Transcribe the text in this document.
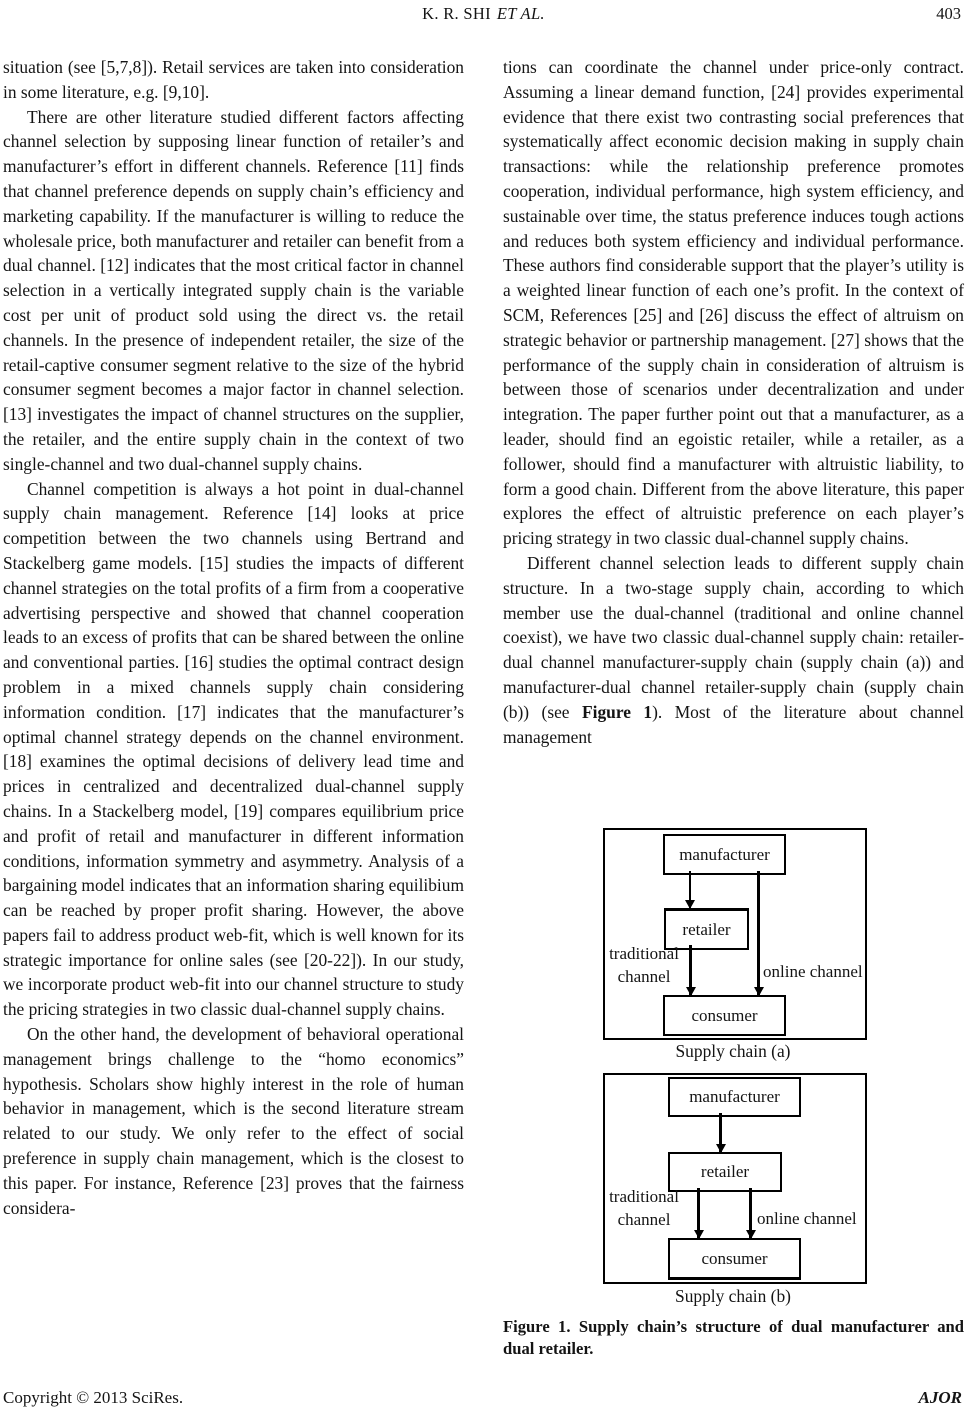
K. R. SHI ET AL.	403

situation (see [5,7,8]). Retail services are taken into consideration in some literature, e.g. [9,10].

There are other literature studied different factors affecting channel selection by supposing linear function of retailer’s and manufacturer’s effort in different channels. Reference [11] finds that channel preference depends on supply chain’s efficiency and marketing capability. If the manufacturer is willing to reduce the wholesale price, both manufacturer and retailer can benefit from a dual channel. [12] indicates that the most critical factor in channel selection in a vertically integrated supply chain is the variable cost per unit of product sold using the direct vs. the retail channels. In the presence of independent retailer, the size of the retail-captive consumer segment relative to the size of the hybrid consumer segment becomes a major factor in channel selection. [13] investigates the impact of channel structures on the supplier, the retailer, and the entire supply chain in the context of two single-channel and two dual-channel supply chains.

Channel competition is always a hot point in dual-channel supply chain management. Reference [14] looks at price competition between the two channels using Bertrand and Stackelberg game models. [15] studies the impacts of different channel strategies on the total profits of a firm from a cooperative advertising perspective and showed that channel cooperation leads to an excess of profits that can be shared between the online and conventional parties. [16] studies the optimal contract design problem in a mixed channels supply chain considering information condition. [17] indicates that the manufacturer’s optimal channel strategy depends on the channel environment. [18] examines the optimal decisions of delivery lead time and prices in centralized and decentralized dual-channel supply chains. In a Stackelberg model, [19] compares equilibrium price and profit of retail and manufacturer in different information conditions, information symmetry and asymmetry. Analysis of a bargaining model indicates that an information sharing equilibium can be reached by proper profit sharing. However, the above papers fail to address product web-fit, which is well known for its strategic importance for online sales (see [20-22]). In our study, we incorporate product web-fit into our channel structure to study the pricing strategies in two classic dual-channel supply chains.

On the other hand, the development of behavioral operational management brings challenge to the “homo economics” hypothesis. Scholars show highly interest in the role of human behavior in management, which is the second literature stream related to our study. We only refer to the effect of social preference in supply chain management, which is the closest to this paper. For instance, Reference [23] proves that the fairness considera-

tions can coordinate the channel under price-only contract. Assuming a linear demand function, [24] provides experimental evidence that there exist two contrasting social preferences that systematically affect economic decision making in supply chain transactions: while the relationship preference promotes cooperation, individual performance, high system efficiency, and sustainable over time, the status preference induces tough actions and reduces both system efficiency and individual performance. These authors find considerable support that the player’s utility is a weighted linear function of each one’s profit. In the context of SCM, References [25] and [26] discuss the effect of altruism on strategic behavior or partnership management. [27] shows that the performance of the supply chain in consideration of altruism is between those of scenarios under decentralization and under integration. The paper further point out that a manufacturer, as a leader, should find an egoistic retailer, while a retailer, as a follower, should find a manufacturer with altruistic liability, to form a good chain. Different from the above literature, this paper explores the effect of altruistic preference on each player’s pricing strategy in two classic dual-channel supply chains.

Different channel selection leads to different supply chain structure. In a two-stage supply chain, according to which member use the dual-channel (traditional and online channel coexist), we have two classic dual-channel supply chain: retailer-dual channel manufacturer-supply chain (supply chain (a)) and manufacturer-dual channel retailer-supply chain (supply chain (b)) (see Figure 1). Most of the literature about channel management

manufacturer
retailer
consumer
traditional channel	online channel
Supply chain (a)
manufacturer
retailer
consumer
traditional channel	online channel
Supply chain (b)
Figure 1. Supply chain’s structure of dual manufacturer and dual retailer.
Copyright © 2013 SciRes.	AJOR
